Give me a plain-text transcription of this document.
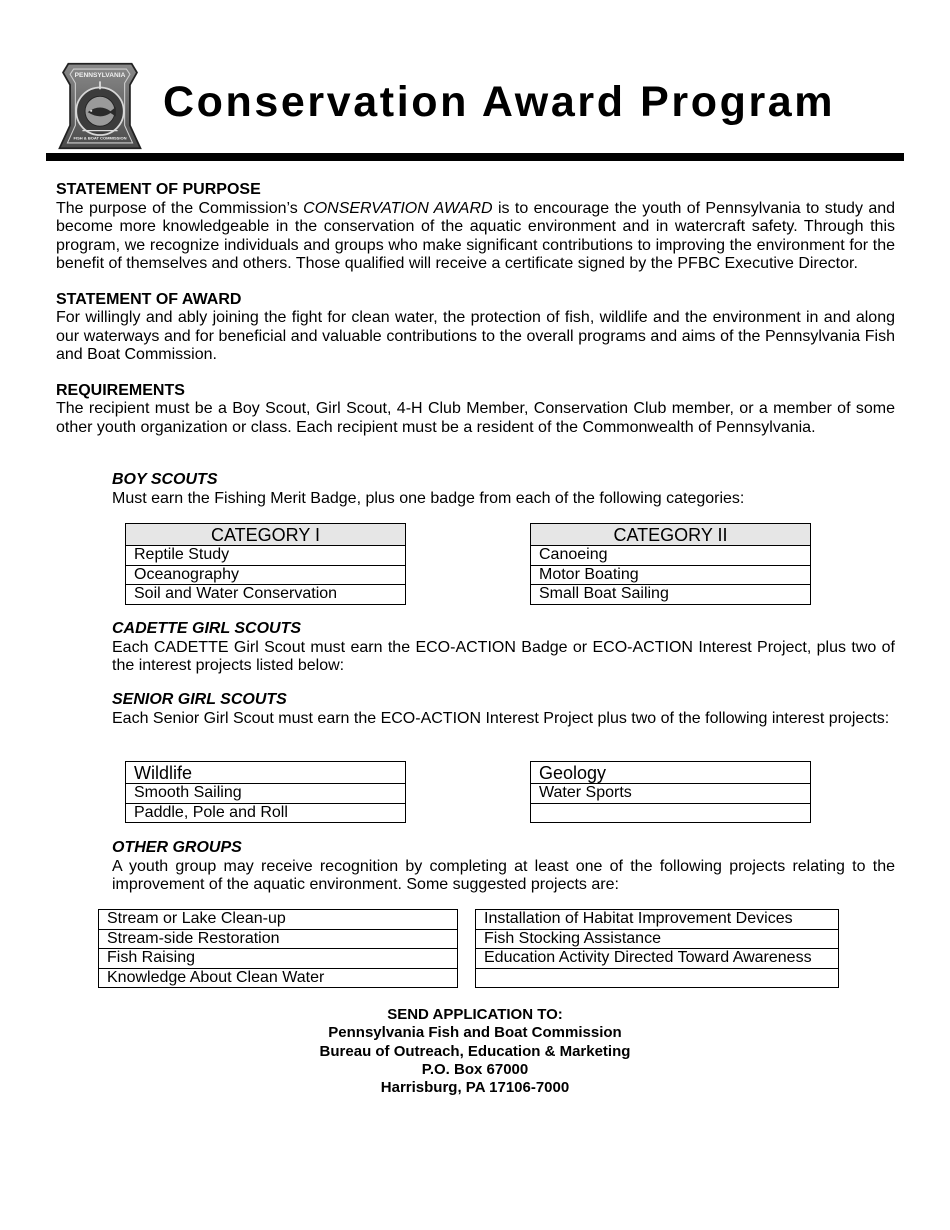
PENNSYLVANIA
FISH & BOAT COMMISSION
Conservation Award Program

STATEMENT OF PURPOSE

The purpose of the Commission’s CONSERVATION AWARD is to encourage the youth of Pennsylvania to study and become more knowledgeable in the conservation of the aquatic environment and in watercraft safety. Through this program, we recognize individuals and groups who make significant contributions to improving the environment for the benefit of themselves and others. Those qualified will receive a certificate signed by the PFBC Executive Director.

STATEMENT OF AWARD

For willingly and ably joining the fight for clean water, the protection of fish, wildlife and the environment in and along our waterways and for beneficial and valuable contributions to the overall programs and aims of the Pennsylvania Fish and Boat Commission.

REQUIREMENTS

The recipient must be a Boy Scout, Girl Scout, 4-H Club Member, Conservation Club member, or a member of some other youth organization or class. Each recipient must be a resident of the Commonwealth of Pennsylvania.

BOY SCOUTS

Must earn the Fishing Merit Badge, plus one badge from each of the following categories:

CATEGORY I
Reptile Study
Oceanography
Soil and Water Conservation
CATEGORY II
Canoeing
Motor Boating
Small Boat Sailing

CADETTE GIRL SCOUTS

Each CADETTE Girl Scout must earn the ECO-ACTION Badge or ECO-ACTION Interest Project, plus two of the interest projects listed below:

SENIOR GIRL SCOUTS

Each Senior Girl Scout must earn the ECO-ACTION Interest Project plus two of the following interest projects:

Wildlife
Smooth Sailing
Paddle, Pole and Roll
Geology
Water Sports

OTHER GROUPS

A youth group may receive recognition by completing at least one of the following projects relating to the improvement of the aquatic environment. Some suggested projects are:

Stream or Lake Clean-up
Stream-side Restoration
Fish Raising
Knowledge About Clean Water
Installation of Habitat Improvement Devices
Fish Stocking Assistance
Education Activity Directed Toward Awareness

SEND APPLICATION TO:
Pennsylvania Fish and Boat Commission
Bureau of Outreach, Education & Marketing
P.O. Box 67000
Harrisburg, PA 17106-7000
